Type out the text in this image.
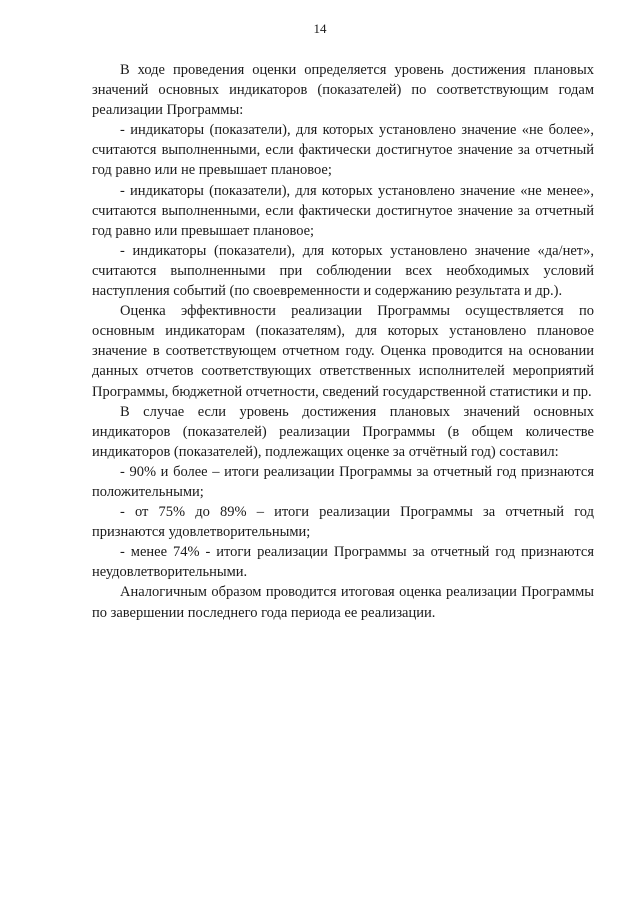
14

В ходе проведения оценки определяется уровень достижения плановых значений основных индикаторов (показателей) по соответствующим годам реализации Программы:

- индикаторы (показатели), для которых установлено значение «не более», считаются выполненными, если фактически достигнутое значение за отчетный год равно или не превышает плановое;

- индикаторы (показатели), для которых установлено значение «не менее», считаются выполненными, если фактически достигнутое значение за отчетный год равно или превышает плановое;

- индикаторы (показатели), для которых установлено значение «да/нет», считаются выполненными при соблюдении всех необходимых условий наступления событий (по своевременности и содержанию результата и др.).

Оценка эффективности реализации Программы осуществляется по основным индикаторам (показателям), для которых установлено плановое значение в соответствующем отчетном году. Оценка проводится на основании данных отчетов соответствующих ответственных исполнителей мероприятий Программы, бюджетной отчетности, сведений государственной статистики и пр.

В случае если уровень достижения плановых значений основных индикаторов (показателей) реализации Программы (в общем количестве индикаторов (показателей), подлежащих оценке за отчётный год) составил:

- 90% и более – итоги реализации Программы за отчетный год признаются положительными;

- от 75% до 89% – итоги реализации Программы за отчетный год признаются удовлетворительными;

- менее 74% - итоги реализации Программы за отчетный год признаются неудовлетворительными.

Аналогичным образом проводится итоговая оценка реализации Программы по завершении последнего года периода ее реализации.
